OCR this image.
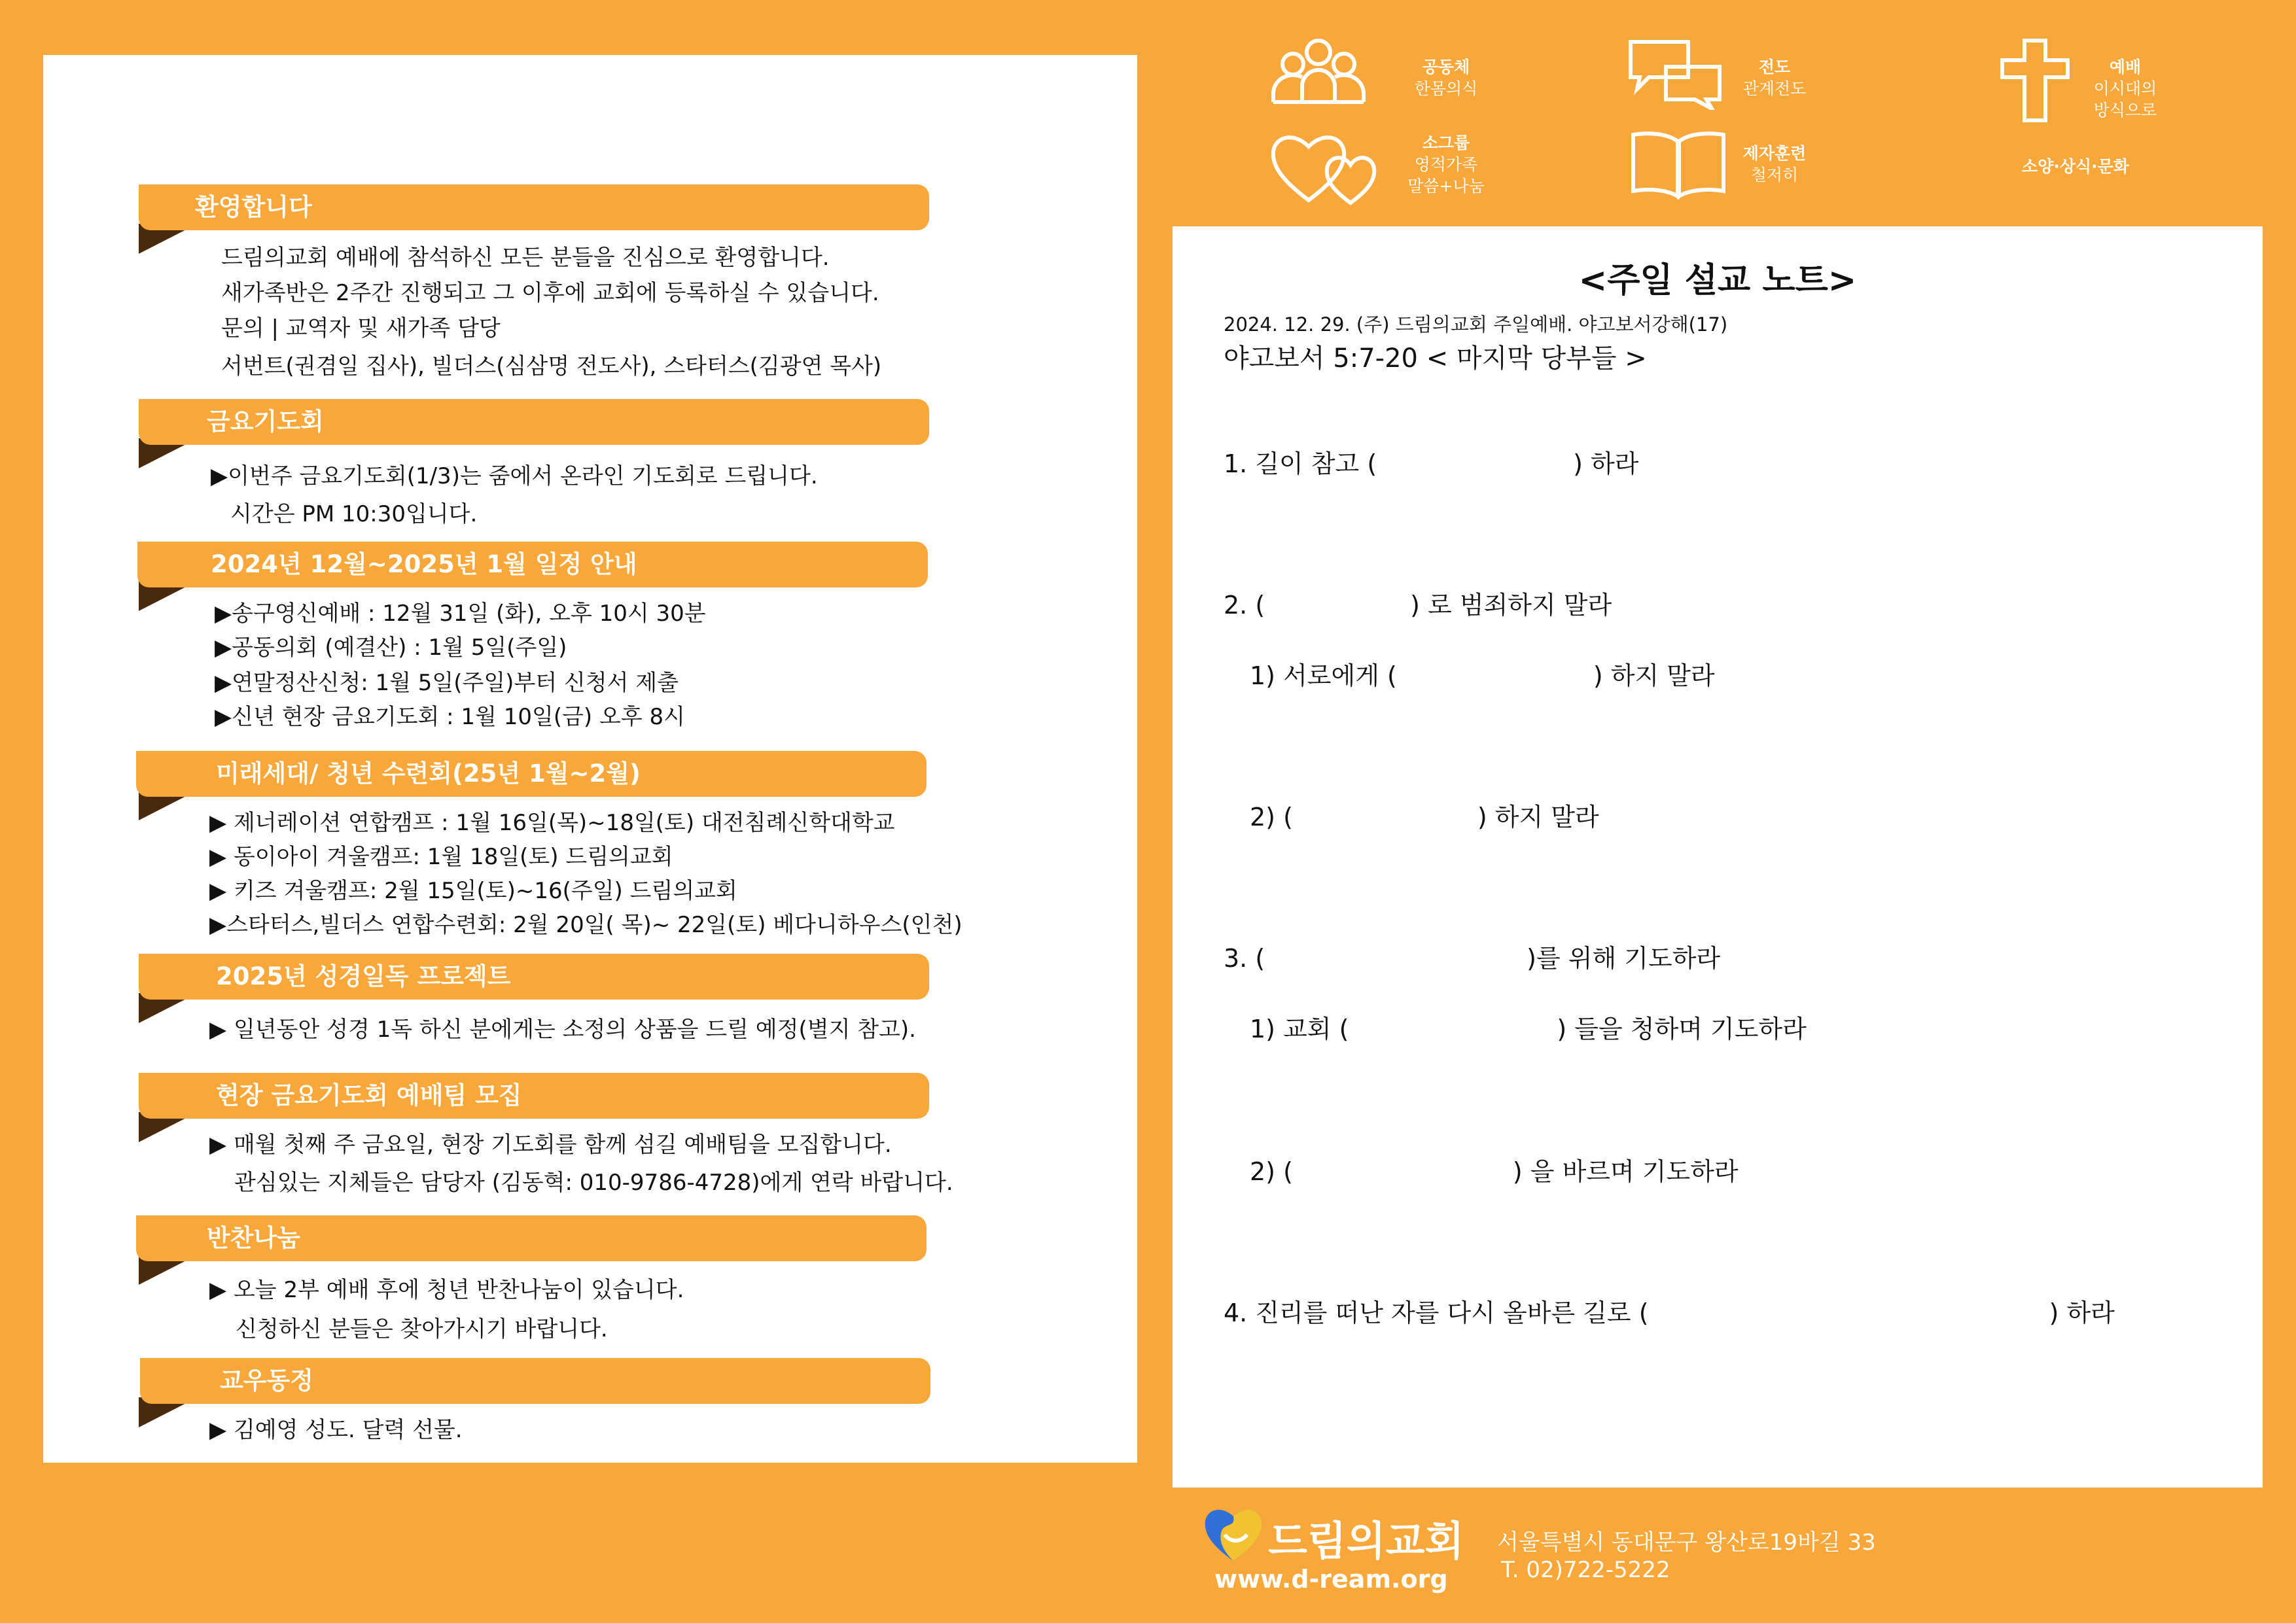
환영합니다
드림의교회 예배에 참석하신 모든 분들을 진심으로 환영합니다.
새가족반은 2주간 진행되고 그 이후에 교회에 등록하실 수 있습니다.
문의 | 교역자 및 새가족 담당
서번트(권겸일 집사), 빌더스(심삼명 전도사), 스타터스(김광연 목사)
금요기도회
▶이번주 금요기도회(1/3)는 줌에서 온라인 기도회로 드립니다.
시간은 PM 10:30입니다.
2024년 12월~2025년 1월 일정 안내
▶송구영신예배 : 12월 31일 (화), 오후 10시 30분
▶공동의회 (예결산) : 1월 5일(주일)
▶연말정산신청: 1월 5일(주일)부터 신청서 제출
▶신년 현장 금요기도회 : 1월 10일(금) 오후 8시
미래세대/ 청년 수련회(25년 1월~2월)
▶ 제너레이션 연합캠프 : 1월 16일(목)~18일(토) 대전침례신학대학교
▶ 동이아이 겨울캠프: 1월 18일(토) 드림의교회
▶ 키즈 겨울캠프: 2월 15일(토)~16(주일) 드림의교회
▶스타터스,빌더스 연합수련회: 2월 20일( 목)~ 22일(토) 베다니하우스(인천)
2025년 성경일독 프로젝트
▶ 일년동안 성경 1독 하신 분에게는 소정의 상품을 드릴 예정(별지 참고).
현장 금요기도회 예배팀 모집
▶ 매월 첫째 주 금요일, 현장 기도회를 함께 섬길 예배팀을 모집합니다.
관심있는 지체들은 담당자 (김동혁: 010-9786-4728)에게 연락 바랍니다.
반찬나눔
▶ 오늘 2부 예배 후에 청년 반찬나눔이 있습니다.
신청하신 분들은 찾아가시기 바랍니다.
교우동정
▶ 김예영 성도. 달력 선물.
공동체
한몸의식
전도
관계전도
예배
이시대의
방식으로
소그룹
영적가족
말씀+나눔
제자훈련
철저히	소양·상식·문화
<주일 설교 노트>
2024. 12. 29. (주) 드림의교회 주일예배. 야고보서강해(17)
야고보서 5:7-20 < 마지막 당부들 >
1. 길이 참고 (	) 하라
2. (	) 로 범죄하지 말라
1) 서로에게 (	) 하지 말라
2) (	) 하지 말라
3. (	)를 위해 기도하라
1) 교회 (	) 들을 청하며 기도하라
2) (	) 을 바르며 기도하라
4. 진리를 떠난 자를 다시 올바른 길로 (	) 하라
드림의교회
www.d-ream.org
서울특별시 동대문구 왕산로19바길 33
T. 02)722-5222
